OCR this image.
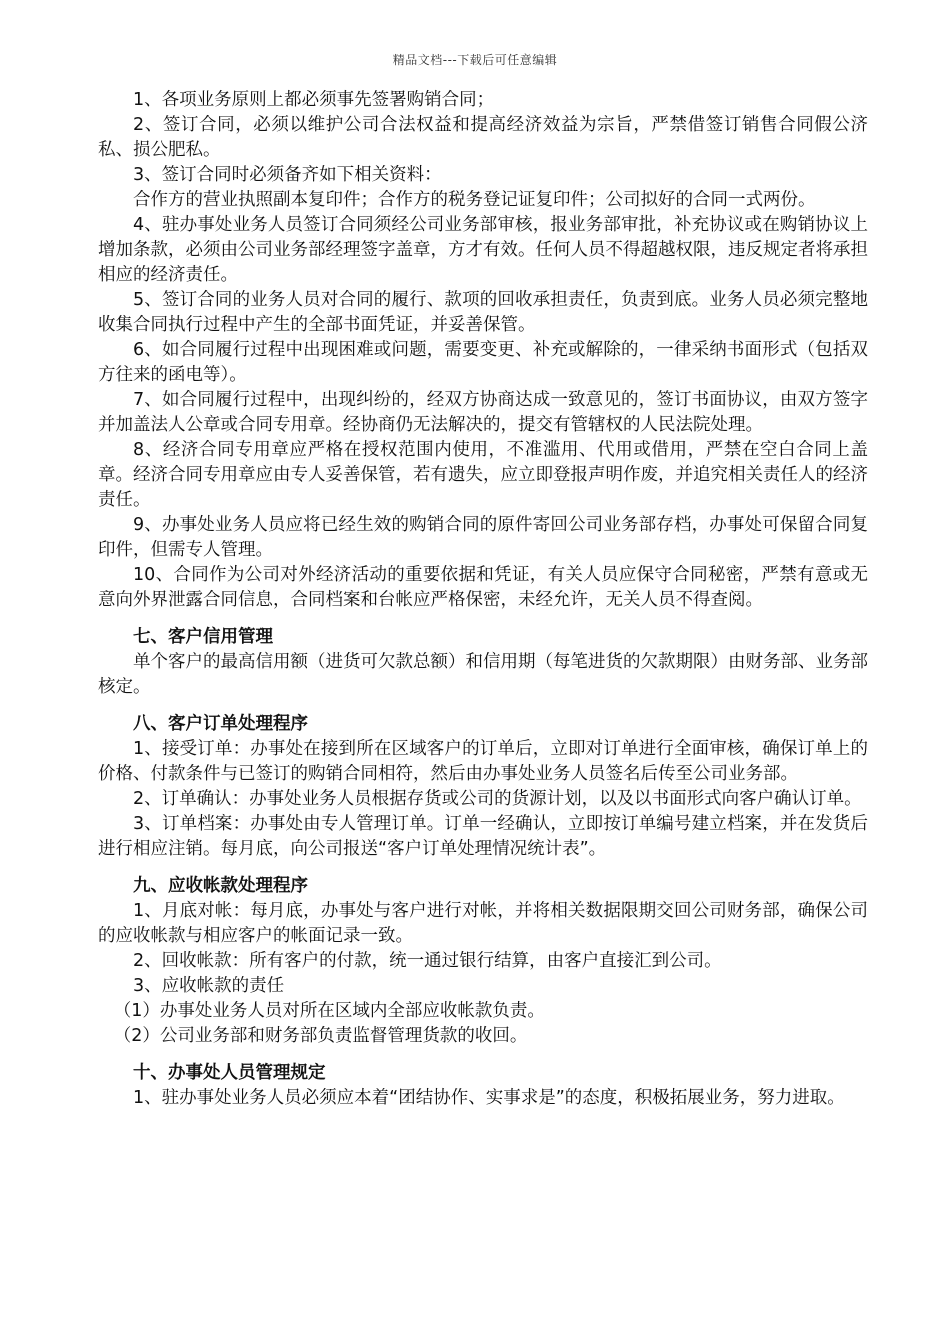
精品文档---下载后可任意编辑

1、各项业务原则上都必须事先签署购销合同；

2、签订合同，必须以维护公司合法权益和提高经济效益为宗旨，严禁借签订销售合同假公济私、损公肥私。

3、签订合同时必须备齐如下相关资料：

合作方的营业执照副本复印件；合作方的税务登记证复印件；公司拟好的合同一式两份。

4、驻办事处业务人员签订合同须经公司业务部审核，报业务部审批，补充协议或在购销协议上增加条款，必须由公司业务部经理签字盖章，方才有效。任何人员不得超越权限，违反规定者将承担相应的经济责任。

5、签订合同的业务人员对合同的履行、款项的回收承担责任，负责到底。业务人员必须完整地收集合同执行过程中产生的全部书面凭证，并妥善保管。

6、如合同履行过程中出现困难或问题，需要变更、补充或解除的，一律采纳书面形式（包括双方往来的函电等）。

7、如合同履行过程中，出现纠纷的，经双方协商达成一致意见的，签订书面协议，由双方签字并加盖法人公章或合同专用章。经协商仍无法解决的，提交有管辖权的人民法院处理。

8、经济合同专用章应严格在授权范围内使用，不准滥用、代用或借用，严禁在空白合同上盖章。经济合同专用章应由专人妥善保管，若有遗失，应立即登报声明作废，并追究相关责任人的经济责任。

9、办事处业务人员应将已经生效的购销合同的原件寄回公司业务部存档，办事处可保留合同复印件，但需专人管理。

10、合同作为公司对外经济活动的重要依据和凭证，有关人员应保守合同秘密，严禁有意或无意向外界泄露合同信息，合同档案和台帐应严格保密，未经允许，无关人员不得查阅。

七、客户信用管理

单个客户的最高信用额（进货可欠款总额）和信用期（每笔进货的欠款期限）由财务部、业务部核定。

八、客户订单处理程序

1、接受订单：办事处在接到所在区域客户的订单后，立即对订单进行全面审核，确保订单上的价格、付款条件与已签订的购销合同相符，然后由办事处业务人员签名后传至公司业务部。

2、订单确认：办事处业务人员根据存货或公司的货源计划，以及以书面形式向客户确认订单。

3、订单档案：办事处由专人管理订单。订单一经确认，立即按订单编号建立档案，并在发货后进行相应注销。每月底，向公司报送“客户订单处理情况统计表”。

九、应收帐款处理程序

1、月底对帐：每月底，办事处与客户进行对帐，并将相关数据限期交回公司财务部，确保公司的应收帐款与相应客户的帐面记录一致。

2、回收帐款：所有客户的付款，统一通过银行结算，由客户直接汇到公司。

3、应收帐款的责任

（1）办事处业务人员对所在区域内全部应收帐款负责。

（2）公司业务部和财务部负责监督管理货款的收回。

十、办事处人员管理规定

1、驻办事处业务人员必须应本着“团结协作、实事求是”的态度，积极拓展业务，努力进取。
